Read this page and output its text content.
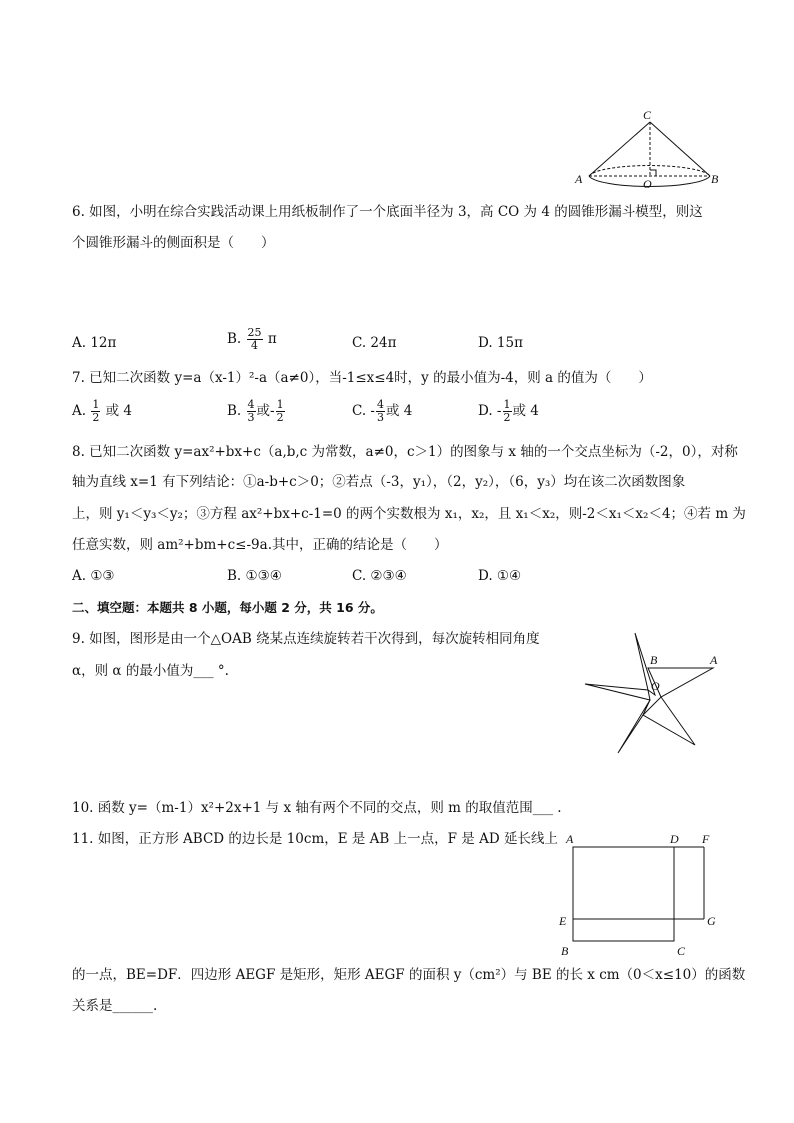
C
A	B
O
6. 如图，小明在综合实践活动课上用纸板制作了一个底面半径为 3，高 CO 为 4 的圆锥形漏斗模型，则这
个圆锥形漏斗的侧面积是（　　）
A. 12π	B. $\frac{25}{4}$ π	C. 24π	D. 15π
7. 已知二次函数 y=a（x-1）²-a（a≠0），当-1≤x≤4时，y 的最小值为-4，则 a 的值为（　　）
A. $\frac{1}{2}$ 或 4	B. $\frac{4}{3}$ 或- $\frac{1}{2}$	C. - $\frac{4}{3}$ 或 4	D. - $\frac{1}{2}$ 或 4
8. 已知二次函数 y=ax²+bx+c（a,b,c 为常数，a≠0，c＞1）的图象与 x 轴的一个交点坐标为（-2，0），对称
轴为直线 x=1 有下列结论：①a-b+c＞0；②若点（-3，y₁），（2，y₂），（6，y₃）均在该二次函数图象
上，则 y₁＜y₃＜y₂；③方程 ax²+bx+c-1=0 的两个实数根为 x₁，x₂，且 x₁＜x₂，则-2＜x₁＜x₂＜4；④若 m 为
任意实数，则 am²+bm+c≤-9a.其中，正确的结论是（　　）
A. ①③	B. ①③④	C. ②③④	D. ①④
二、填空题：本题共 8 小题，每小题 2 分，共 16 分。
9. 如图，图形是由一个△OAB 绕某点连续旋转若干次得到，每次旋转相同角度
α，则 α 的最小值为___ °.
B	A
O
10. 函数 y=（m-1）x²+2x+1 与 x 轴有两个不同的交点，则 m 的取值范围___ .
11. 如图，正方形 ABCD 的边长是 10cm，E 是 AB 上一点，F 是 AD 延长线上 A	D F
E	G
B	C
的一点，BE=DF．四边形 AEGF 是矩形，矩形 AEGF 的面积 y（cm²）与 BE 的长 x cm（0＜x≤10）的函数
关系是______.
